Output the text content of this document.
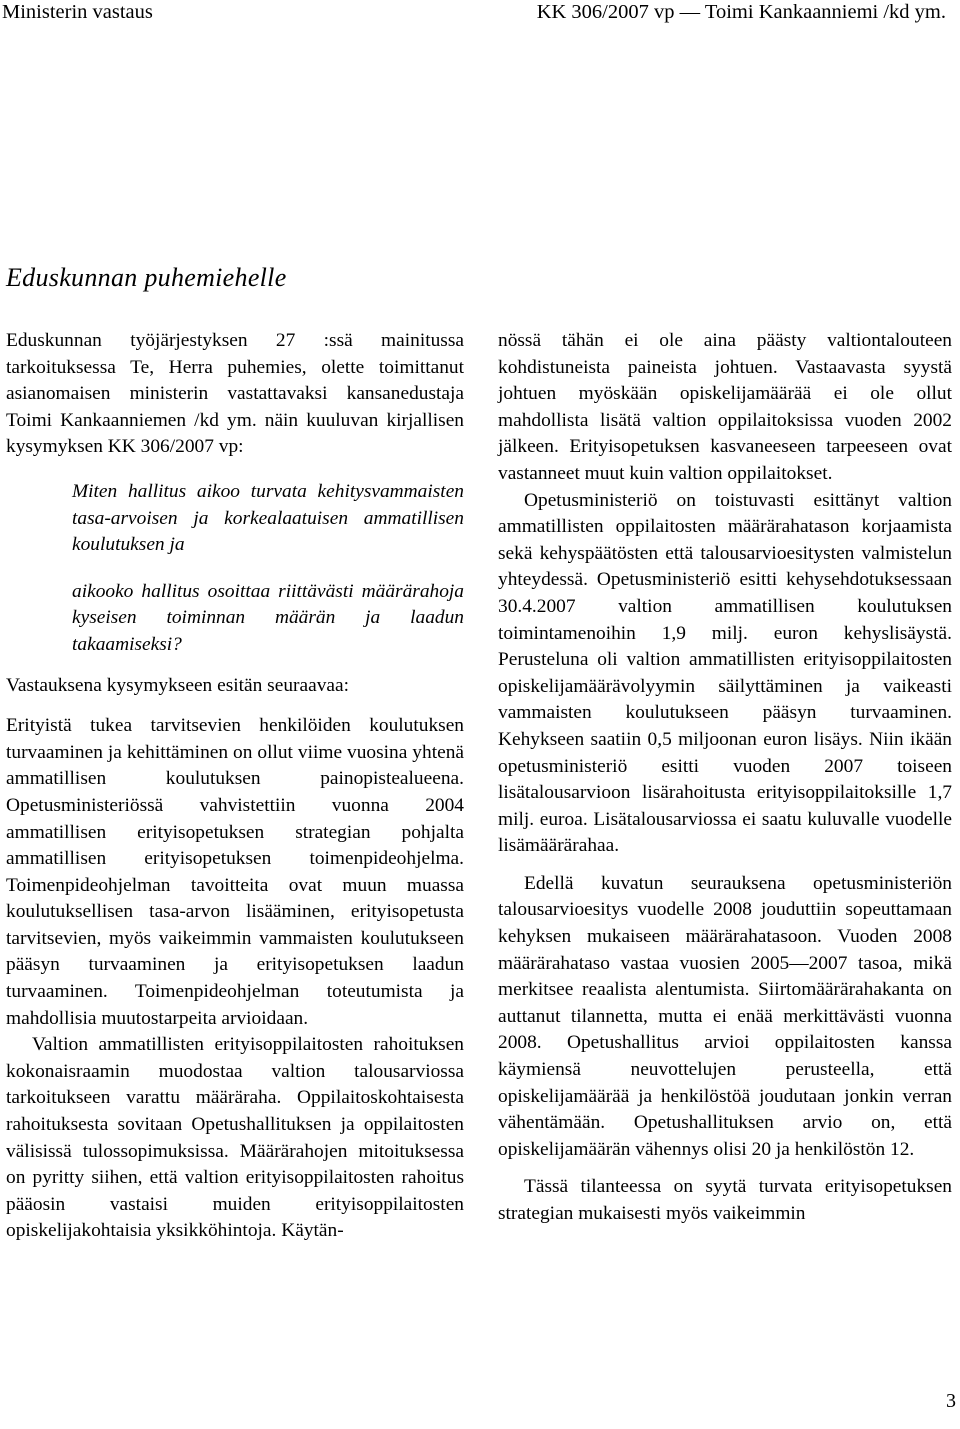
Ministerin vastaus	KK 306/2007 vp — Toimi Kankaanniemi /kd ym.
Eduskunnan puhemiehelle

Eduskunnan työjärjestyksen 27 :ssä mainitussa tarkoituksessa Te, Herra puhemies, olette toimittanut asianomaisen ministerin vastattavaksi kansanedustaja Toimi Kankaanniemen /kd ym. näin kuuluvan kirjallisen kysymyksen KK 306/2007 vp:

Miten hallitus aikoo turvata kehitysvammaisten tasa-arvoisen ja korkealaatuisen ammatillisen koulutuksen ja

aikooko hallitus osoittaa riittävästi määrärahoja kyseisen toiminnan määrän ja laadun takaamiseksi?

Vastauksena kysymykseen esitän seuraavaa:

Erityistä tukea tarvitsevien henkilöiden koulutuksen turvaaminen ja kehittäminen on ollut viime vuosina yhtenä ammatillisen koulutuksen painopistealueena. Opetusministeriössä vahvistettiin vuonna 2004 ammatillisen erityisopetuksen strategian pohjalta ammatillisen erityisopetuksen toimenpideohjelma. Toimenpideohjelman tavoitteita ovat muun muassa koulutuksellisen tasa-arvon lisääminen, erityisopetusta tarvitsevien, myös vaikeimmin vammaisten koulutukseen pääsyn turvaaminen ja erityisopetuksen laadun turvaaminen. Toimenpideohjelman toteutumista ja mahdollisia muutostarpeita arvioidaan.

Valtion ammatillisten erityisoppilaitosten rahoituksen kokonaisraamin muodostaa valtion talousarviossa tarkoitukseen varattu määräraha. Oppilaitoskohtaisesta rahoituksesta sovitaan Opetushallituksen ja oppilaitosten välisissä tulossopimuksissa. Määrärahojen mitoituksessa on pyritty siihen, että valtion erityisoppilaitosten rahoitus pääosin vastaisi muiden erityisoppilaitosten opiskelijakohtaisia yksikköhintoja. Käytän-

nössä tähän ei ole aina päästy valtiontalouteen kohdistuneista paineista johtuen. Vastaavasta syystä johtuen myöskään opiskelijamäärää ei ole ollut mahdollista lisätä valtion oppilaitoksissa vuoden 2002 jälkeen. Erityisopetuksen kasvaneeseen tarpeeseen ovat vastanneet muut kuin valtion oppilaitokset.

Opetusministeriö on toistuvasti esittänyt valtion ammatillisten oppilaitosten määrärahatason korjaamista sekä kehyspäätösten että talousarvioesitysten valmistelun yhteydessä. Opetusministeriö esitti kehysehdotuksessaan 30.4.2007 valtion ammatillisen koulutuksen toimintamenoihin 1,9 milj. euron kehyslisäystä. Perusteluna oli valtion ammatillisten erityisoppilaitosten opiskelijamäärävolyymin säilyttäminen ja vaikeasti vammaisten koulutukseen pääsyn turvaaminen. Kehykseen saatiin 0,5 miljoonan euron lisäys. Niin ikään opetusministeriö esitti vuoden 2007 toiseen lisätalousarvioon lisärahoitusta erityisoppilaitoksille 1,7 milj. euroa. Lisätalousarviossa ei saatu kuluvalle vuodelle lisämäärärahaa.

Edellä kuvatun seurauksena opetusministeriön talousarvioesitys vuodelle 2008 jouduttiin sopeuttamaan kehyksen mukaiseen määrärahatasoon. Vuoden 2008 määrärahataso vastaa vuosien 2005—2007 tasoa, mikä merkitsee reaalista alentumista. Siirtomäärärahakanta on auttanut tilannetta, mutta ei enää merkittävästi vuonna 2008. Opetushallitus arvioi oppilaitosten kanssa käymiensä neuvottelujen perusteella, että opiskelijamäärää ja henkilöstöä joudutaan jonkin verran vähentämään. Opetushallituksen arvio on, että opiskelijamäärän vähennys olisi 20 ja henkilöstön 12.

Tässä tilanteessa on syytä turvata erityisopetuksen strategian mukaisesti myös vaikeimmin

3
